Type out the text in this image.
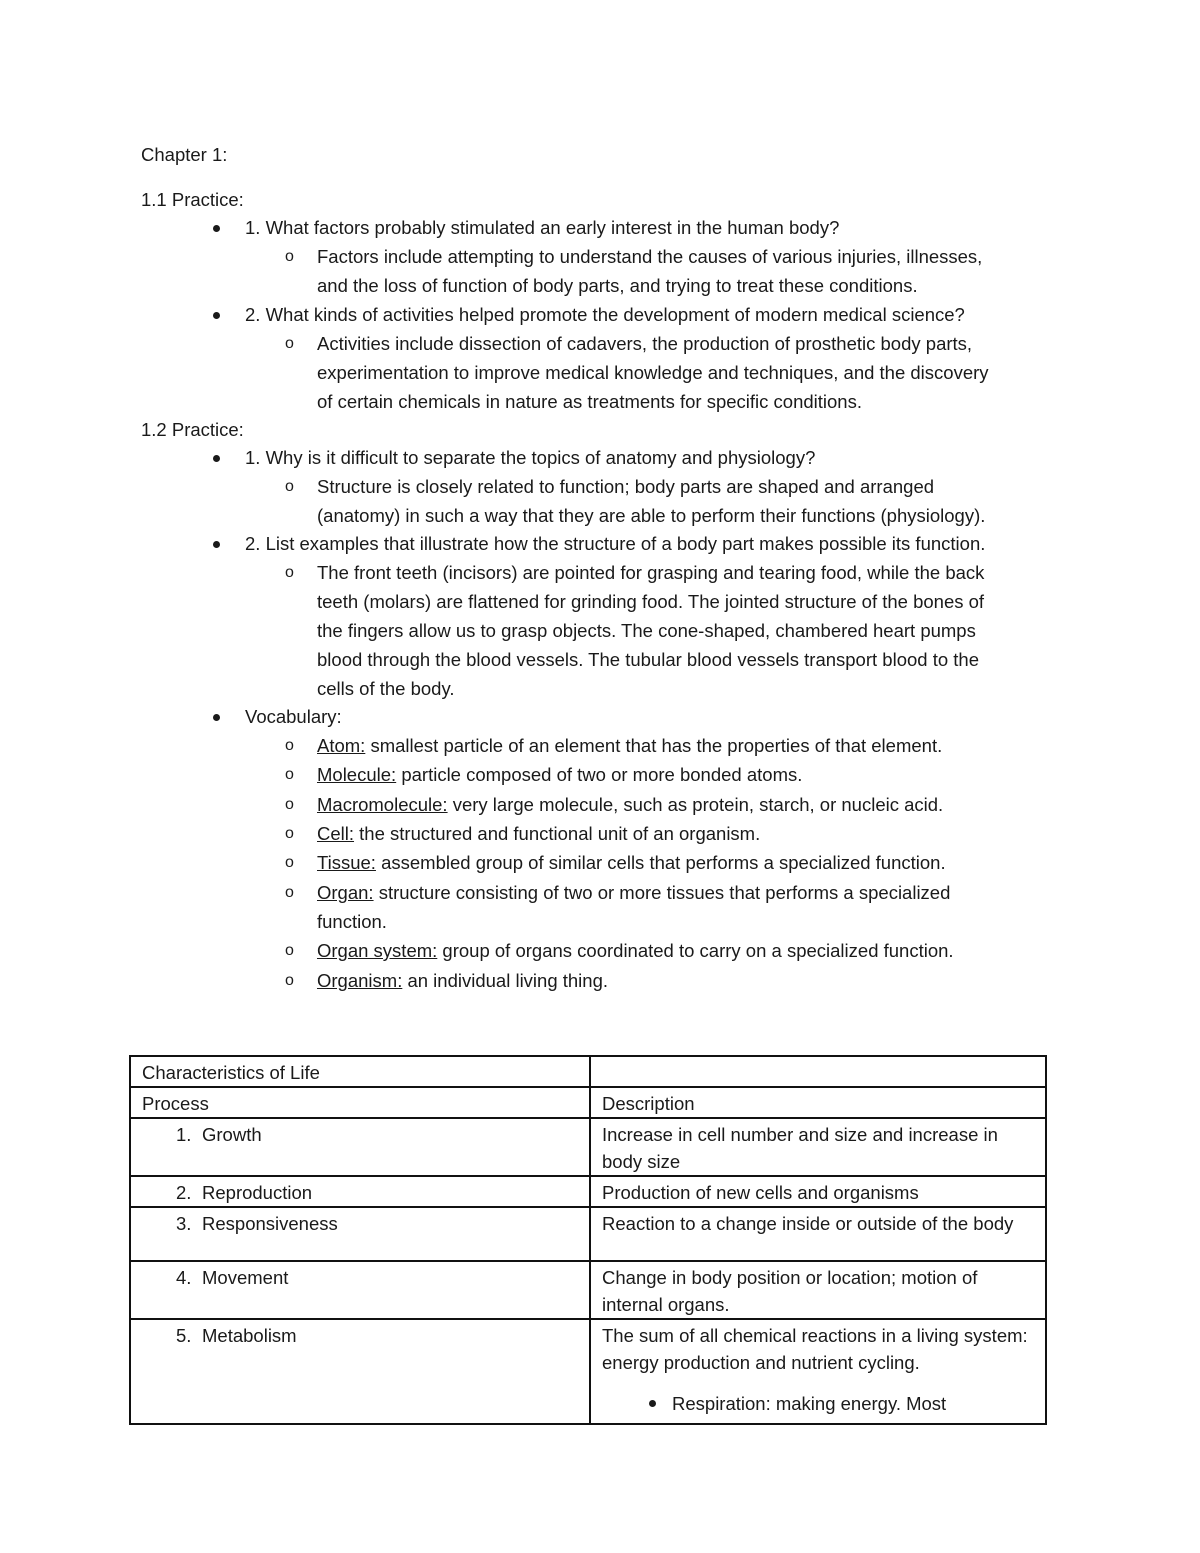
Chapter 1:
1.1 Practice:
1. What factors probably stimulated an early interest in the human body?
o Factors include attempting to understand the causes of various injuries, illnesses,
and the loss of function of body parts, and trying to treat these conditions.
2. What kinds of activities helped promote the development of modern medical science?
o Activities include dissection of cadavers, the production of prosthetic body parts,
experimentation to improve medical knowledge and techniques, and the discovery
of certain chemicals in nature as treatments for specific conditions.
1.2 Practice:
1. Why is it difficult to separate the topics of anatomy and physiology?
o Structure is closely related to function; body parts are shaped and arranged
(anatomy) in such a way that they are able to perform their functions (physiology).
2. List examples that illustrate how the structure of a body part makes possible its function.
o The front teeth (incisors) are pointed for grasping and tearing food, while the back
teeth (molars) are flattened for grinding food. The jointed structure of the bones of
the fingers allow us to grasp objects. The cone-shaped, chambered heart pumps
blood through the blood vessels. The tubular blood vessels transport blood to the
cells of the body.
Vocabulary:
o Atom: smallest particle of an element that has the properties of that element.
o Molecule: particle composed of two or more bonded atoms.
o Macromolecule: very large molecule, such as protein, starch, or nucleic acid.
o Cell: the structured and functional unit of an organism.
o Tissue: assembled group of similar cells that performs a specialized function.
o Organ: structure consisting of two or more tissues that performs a specialized
function.
o Organ system: group of organs coordinated to carry on a specialized function.
o Organism: an individual living thing.
Characteristics of Life	
Process	Description
1. Growth	Increase in cell number and size and increase in body size
2. Reproduction	Production of new cells and organisms
3. Responsiveness	Reaction to a change inside or outside of the body
4. Movement	Change in body position or location; motion of internal organs.
5. Metabolism	The sum of all chemical reactions in a living system: energy production and nutrient cycling.

Respiration: making energy. Most
